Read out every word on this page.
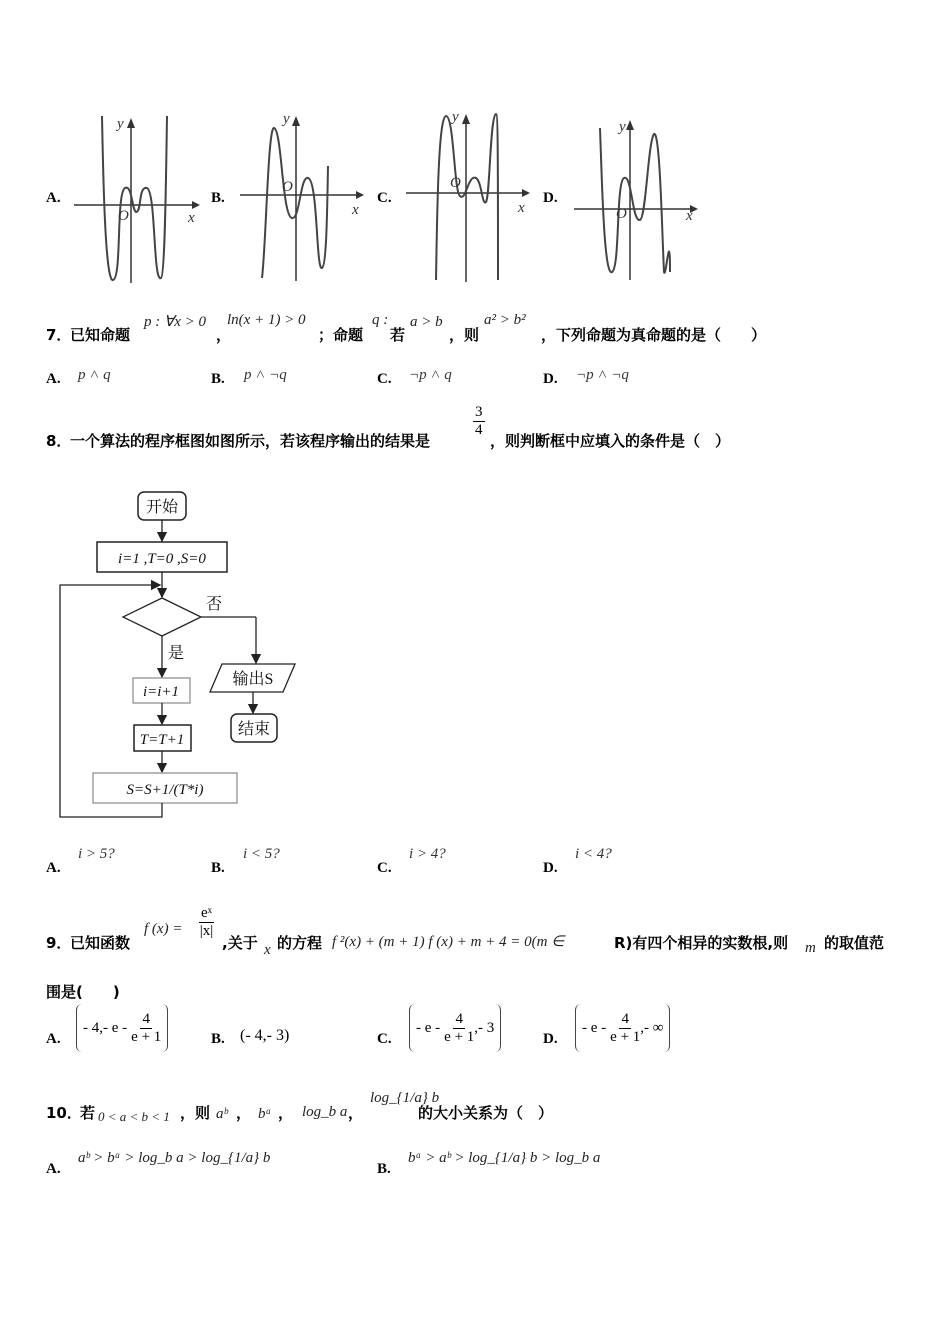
A.
y
x
O
B.
y
x
O
C.
y
x
O
D.
y
x
O
7．
已知命题
p : ∀x > 0
，
ln(x + 1) > 0
；命题
q :
若
a > b
，则
a² > b²
，下列命题为真命题的是（　　）
A. p ˄ q	B. p ˄ ¬q	C. ¬p ˄ q	D. ¬p ˄ ¬q
8．
一个算法的程序框图如图所示，若该程序输出的结果是
$\frac{3}{4}$
，则判断框中应填入的条件是（　）
开始
i=1 ,T=0 ,S=0
否
输出S
结束
是
i=i+1
T=T+1
S=S+1/(T*i)
A.
i > 5?
B.
i < 5?
C.
i > 4?
D.
i < 4?
9．
已知函数
f $(x) = \frac{\text{eˣ}}{|x|}$
,关于 x 的方程 f ²(x) + (m + 1) f (x) + m + 4 = 0(m ∈	R)有四个相异的实数根,则 m 的取值范
围是(　　)
A.
- 4,- e - $\frac{4}{e + 1}$	B. (- 4,- 3)	C.
- e - $\frac{4}{e + 1}$ ,- 3
D.
- e - $\frac{4}{e + 1}$ ,- ∞
10．
若 0 < a < b < 1 ，则 aᵇ ， bᵃ ， log_b a ，
log_{1/a} b
的大小关系为（　）
A.
aᵇ > bᵃ > log_b a > log_{1/a} b
B.
bᵃ > aᵇ > log_{1/a} b > log_b a
